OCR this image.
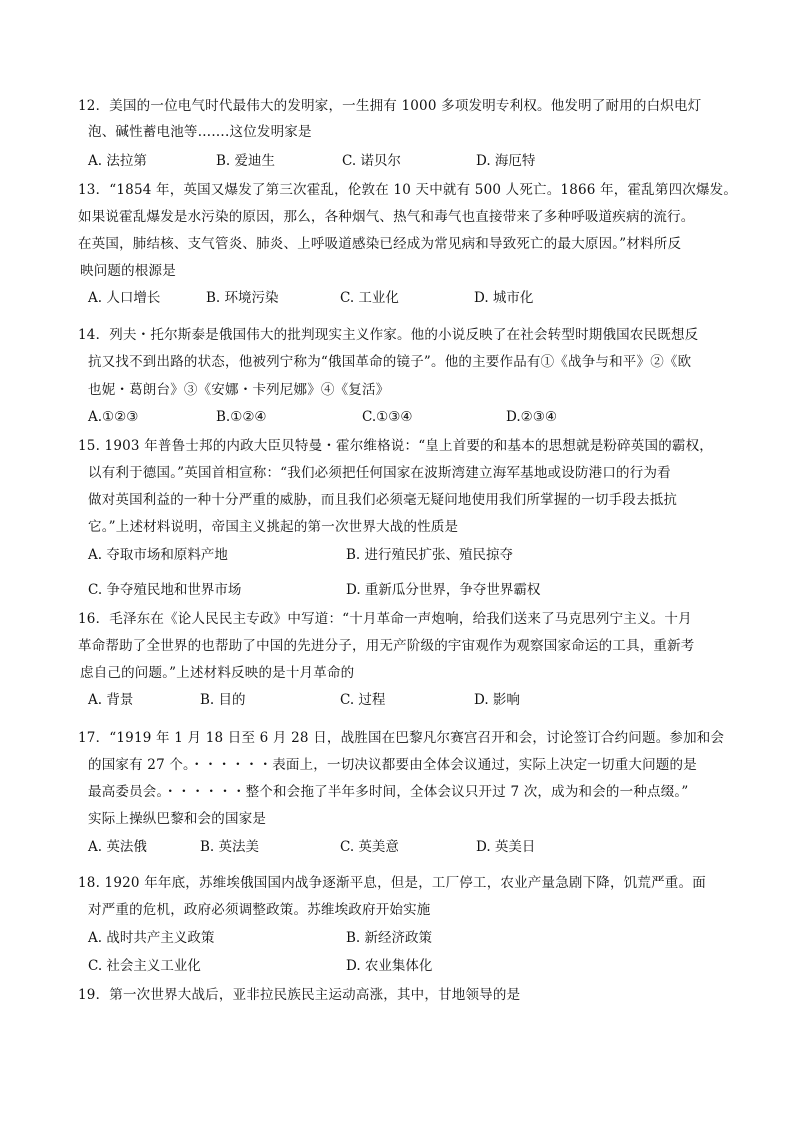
12．美国的一位电气时代最伟大的发明家，一生拥有 1000 多项发明专利权。他发明了耐用的白炽电灯
泡、碱性蓄电池等…….这位发明家是
A. 法拉第	B. 爱迪生	C. 诺贝尔	D. 海厄特
13．“1854 年，英国又爆发了第三次霍乱，伦敦在 10 天中就有 500 人死亡。1866 年，霍乱第四次爆发。
如果说霍乱爆发是水污染的原因，那么，各种烟气、热气和毒气也直接带来了多种呼吸道疾病的流行。
在英国，肺结核、支气管炎、肺炎、上呼吸道感染已经成为常见病和导致死亡的最大原因。”材料所反
映问题的根源是
A. 人口增长	B. 环境污染	C. 工业化	D. 城市化
14．列夫・托尔斯泰是俄国伟大的批判现实主义作家。他的小说反映了在社会转型时期俄国农民既想反
抗又找不到出路的状态，他被列宁称为“俄国革命的镜子”。他的主要作品有①《战争与和平》②《欧
也妮・葛朗台》③《安娜・卡列尼娜》④《复活》
A.①②③	B.①②④	C.①③④	D.②③④
15. 1903 年普鲁士邦的内政大臣贝特曼・霍尔维格说：“皇上首要的和基本的思想就是粉碎英国的霸权，
以有利于德国。”英国首相宣称：“我们必须把任何国家在波斯湾建立海军基地或设防港口的行为看
做对英国利益的一种十分严重的威胁，而且我们必须毫无疑问地使用我们所掌握的一切手段去抵抗
它。”上述材料说明，帝国主义挑起的第一次世界大战的性质是
A. 夺取市场和原料产地	B. 进行殖民扩张、殖民掠夺
C. 争夺殖民地和世界市场	D. 重新瓜分世界，争夺世界霸权
16．毛泽东在《论人民民主专政》中写道：“十月革命一声炮响，给我们送来了马克思列宁主义。十月
革命帮助了全世界的也帮助了中国的先进分子，用无产阶级的宇宙观作为观察国家命运的工具，重新考
虑自己的问题。”上述材料反映的是十月革命的
A. 背景	B. 目的	C. 过程	D. 影响
17．“1919 年 1 月 18 日至 6 月 28 日，战胜国在巴黎凡尔赛宫召开和会，讨论签订合约问题。参加和会
的国家有 27 个。・・・・・・表面上，一切决议都要由全体会议通过，实际上决定一切重大问题的是
最高委员会。・・・・・・整个和会拖了半年多时间，全体会议只开过 7 次，成为和会的一种点缀。”
实际上操纵巴黎和会的国家是
A. 英法俄	B. 英法美	C. 英美意	D. 英美日
18. 1920 年年底，苏维埃俄国国内战争逐渐平息，但是，工厂停工，农业产量急剧下降，饥荒严重。面
对严重的危机，政府必须调整政策。苏维埃政府开始实施
A. 战时共产主义政策	B. 新经济政策
C. 社会主义工业化	D. 农业集体化
19．第一次世界大战后，亚非拉民族民主运动高涨，其中，甘地领导的是
